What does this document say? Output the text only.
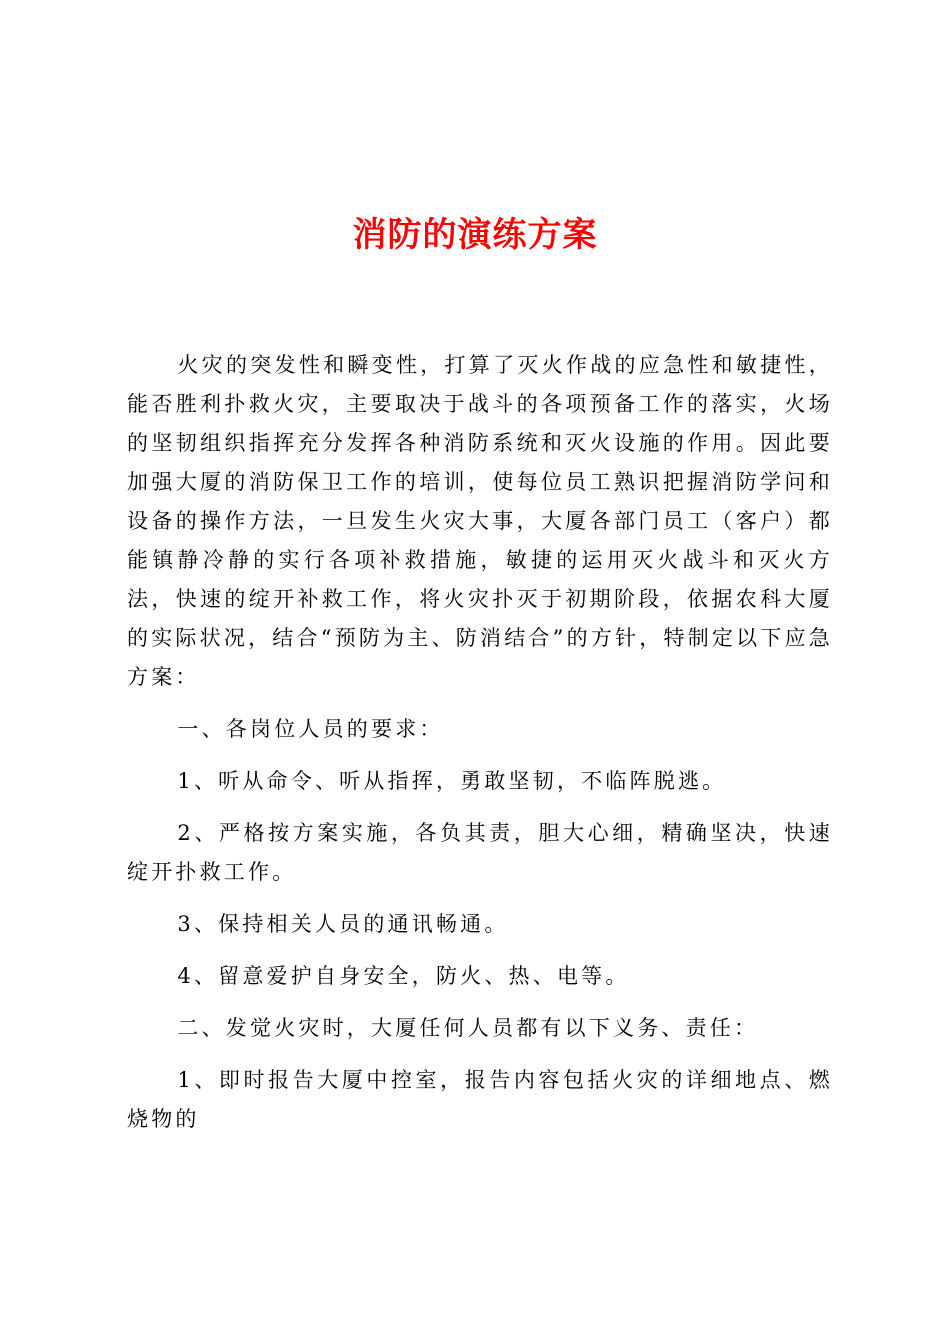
消防的演练方案

火灾的突发性和瞬变性，打算了灭火作战的应急性和敏捷性，能否胜利扑救火灾，主要取决于战斗的各项预备工作的落实，火场的坚韧组织指挥充分发挥各种消防系统和灭火设施的作用。因此要加强大厦的消防保卫工作的培训，使每位员工熟识把握消防学问和设备的操作方法，一旦发生火灾大事，大厦各部门员工（客户）都能镇静冷静的实行各项补救措施，敏捷的运用灭火战斗和灭火方法，快速的绽开补救工作，将火灾扑灭于初期阶段，依据农科大厦的实际状况，结合“预防为主、防消结合”的方针，特制定以下应急方案：

一、各岗位人员的要求：

1、听从命令、听从指挥，勇敢坚韧，不临阵脱逃。

2、严格按方案实施，各负其责，胆大心细，精确坚决，快速绽开扑救工作。

3、保持相关人员的通讯畅通。

4、留意爱护自身安全，防火、热、电等。

二、发觉火灾时，大厦任何人员都有以下义务、责任：

1、即时报告大厦中控室，报告内容包括火灾的详细地点、燃烧物的
